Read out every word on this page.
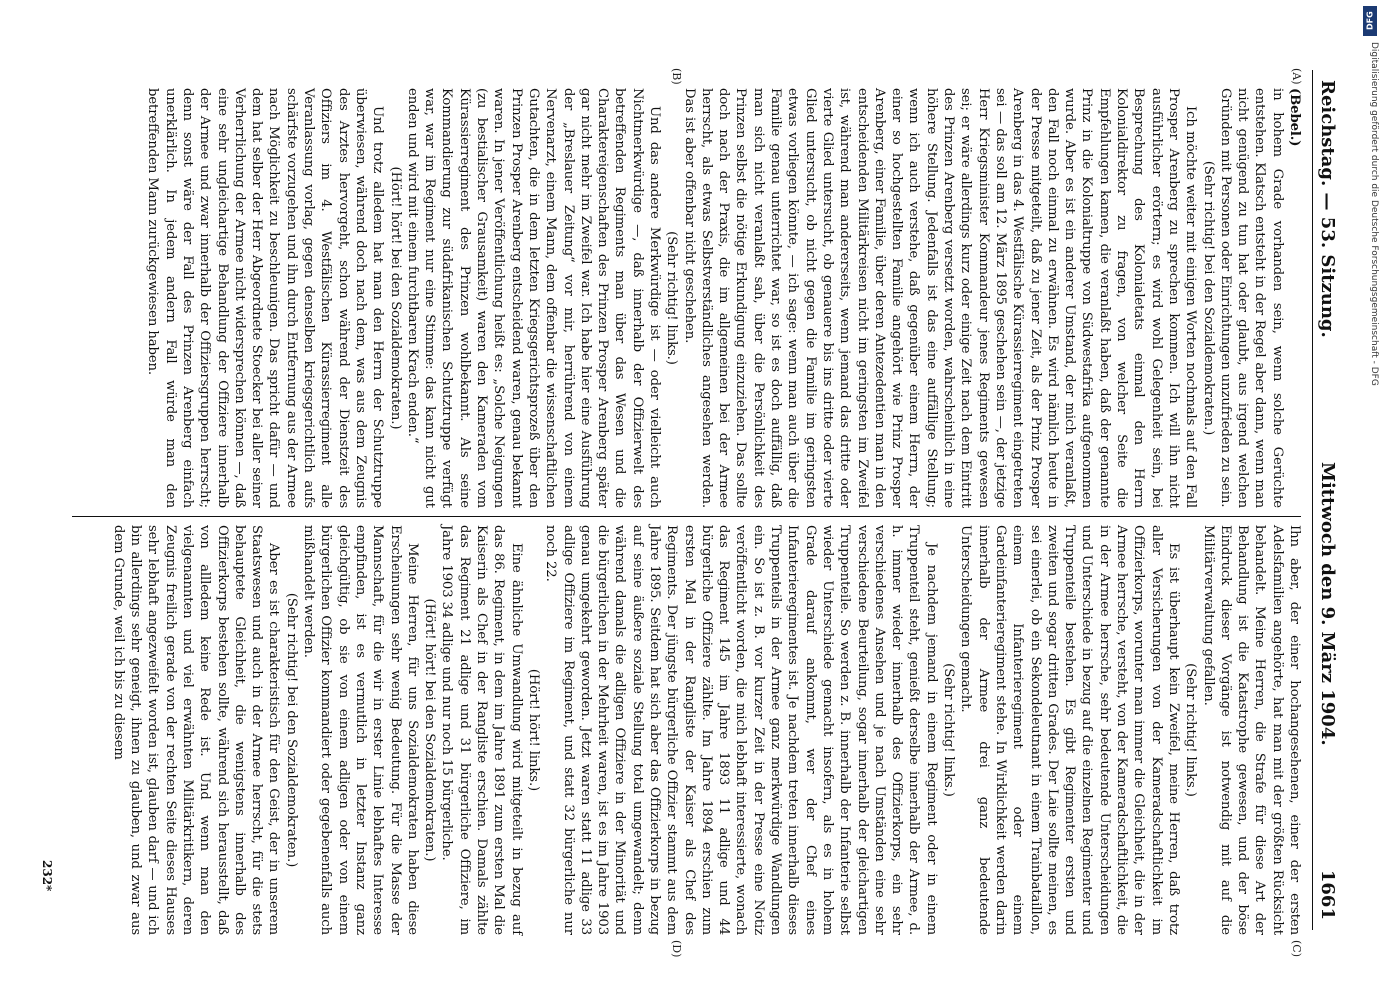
Reichstag. — 53. Sitzung.
Mittwoch den 9. März 1904.
1661
(A)
(B)
(C)
(D)

(Bebel.)

in hohem Grade vorhanden sein, wenn solche Gerüchte entstehen. Klatsch entsteht in der Regel aber dann, wenn man nicht genügend zu tun hat oder glaubt, aus irgend welchen Gründen mit Personen oder Einrichtungen unzufrieden zu sein.

(Sehr richtig! bei den Sozialdemokraten.)

Ich möchte weiter mit einigen Worten nochmals auf den Fall Prosper Arenberg zu sprechen kommen. Ich will ihn nicht ausführlicher erörtern; es wird wohl Gelegenheit sein, bei Besprechung des Kolonialetats einmal den Herrn Kolonialdirektor zu fragen, von welcher Seite die Empfehlungen kamen, die veranlaßt haben, daß der genannte Prinz in die Kolonialtruppe von Südwestafrika aufgenommen wurde. Aber es ist ein anderer Umstand, der mich veranlaßt, den Fall noch einmal zu erwähnen. Es wird nämlich heute in der Presse mitgeteilt, daß zu jener Zeit, als der Prinz Prosper Arenberg in das 4. Westfälische Kürassierregiment eingetreten sei — das soll am 12. März 1895 geschehen sein —, der jetzige Herr Kriegsminister Kommandeur jenes Regiments gewesen sei; er wäre allerdings kurz oder einige Zeit nach dem Eintritt des Prinzen Arenberg versetzt worden, wahrscheinlich in eine höhere Stellung. Jedenfalls ist das eine auffällige Stellung; wenn ich auch verstehe, daß gegenüber einem Herrn, der einer so hochgestellten Familie angehört wie Prinz Prosper Arenberg, einer Familie, über deren Antezedentien man in den entscheidenden Militärkreisen nicht im geringsten im Zweifel ist, während man andererseits, wenn jemand das dritte oder vierte Glied untersucht, ob genauere bis ins dritte oder vierte Glied untersucht, ob nicht gegen die Familie im geringsten etwas vorliegen könnte, — ich sage: wenn man auch über die Familie genau unterrichtet war, so ist es doch auffällig, daß man sich nicht veranlaßt sah, über die Persönlichkeit des Prinzen selbst die nötige Erkundigung einzuziehen. Das sollte doch nach der Praxis, die im allgemeinen bei der Armee herrscht, als etwas Selbstverständliches angesehen werden. Das ist aber offenbar nicht geschehen.

(Sehr richtig! links.)

Und das andere Merkwürdige ist — oder vielleicht auch Nichtmerkwürdige —, daß innerhalb der Offizierwelt des betreffenden Regiments man über das Wesen und die Charaktereigenschaften des Prinzen Prosper Arenberg später gar nicht mehr im Zweifel war. Ich habe hier eine Ausführung der „Breslauer Zeitung“ vor mir, herrührend von einem Nervenarzt, einem Mann, dem offenbar die wissenschaftlichen Gutachten, die in dem letzten Kriegsgerichtsprozeß über den Prinzen Prosper Arenberg entscheidend waren, genau bekannt waren. In jener Veröffentlichung heißt es: „Solche Neigungen (zu bestialischer Grausamkeit) waren den Kameraden vom Kürassierregiment des Prinzen wohlbekannt. Als seine Kommandierung zur südafrikanischen Schutztruppe verfügt war, war im Regiment nur eine Stimme: das kann nicht gut enden und wird mit einem furchtbaren Krach enden.“

(Hört! hört! bei den Sozialdemokraten.)

Und trotz alledem hat man den Herrn der Schutztruppe überwiesen, während doch nach dem, was aus dem Zeugnis des Arztes hervorgeht, schon während der Dienstzeit des Offiziers im 4. Westfälischen Kürassierregiment alle Veranlassung vorlag, gegen denselben kriegsgerichtlich aufs schärfste vorzugehen und ihn durch Entfernung aus der Armee nach Möglichkeit zu beschleunigen. Das spricht dafür — und dem hat selber der Herr Abgeordnete Stoecker bei aller seiner Verherrlichung der Armee nicht widersprechen können —, daß eine sehr ungleichartige Behandlung der Offiziere innerhalb der Armee und zwar innerhalb der Offiziersgruppen herrscht; denn sonst wäre der Fall des Prinzen Arenberg einfach unerklärlich. In jedem andern Fall würde man den betreffenden Mann zurückgewiesen haben.

Ihn aber, der einer hochangesehenen, einer der ersten Adelsfamilien angehörte, hat man mit der größten Rücksicht behandelt. Meine Herren, die Strafe für diese Art der Behandlung ist die Katastrophe gewesen, und der böse Eindruck dieser Vorgänge ist notwendig mit auf die Militärverwaltung gefallen.

(Sehr richtig! links.)

Es ist überhaupt kein Zweifel, meine Herren, daß trotz aller Versicherungen von der Kameradschaftlichkeit im Offizierkorps, worunter man immer die Gleichheit, die in der Armee herrsche, versteht, von der Kameradschaftlichkeit, die in der Armee herrsche, sehr bedeutende Unterscheidungen und Unterschiede in bezug auf die einzelnen Regimenter und Truppenteile bestehen. Es gibt Regimenter ersten und zweiten und sogar dritten Grades. Der Laie sollte meinen, es sei einerlei, ob ein Sekondeleutnant in einem Trainbataillon, einem Infanterieregiment oder einem Gardeinfanterieregiment stehe. In Wirklichkeit werden darin innerhalb der Armee drei ganz bedeutende Unterscheidungen gemacht.

(Sehr richtig! links.)

Je nachdem jemand in einem Regiment oder in einem Truppenteil steht, genießt derselbe innerhalb der Armee, d. h. immer wieder innerhalb des Offizierkorps, ein sehr verschiedenes Ansehen und je nach Umständen eine sehr verschiedene Beurteilung, sogar innerhalb der gleichartigen Truppenteile. So werden z. B. innerhalb der Infanterie selbst wieder Unterschiede gemacht insofern, als es in hohem Grade darauf ankommt, wer der Chef eines Infanterieregimentes ist. Je nachdem treten innerhalb dieses Truppenteils in der Armee ganz merkwürdige Wandlungen ein. So ist z. B. vor kurzer Zeit in der Presse eine Notiz veröffentlicht worden, die mich lebhaft interessierte, wonach das Regiment 145 im Jahre 1893 11 adlige und 44 bürgerliche Offiziere zählte. Im Jahre 1894 erschien zum ersten Mal in der Rangliste der Kaiser als Chef des Regiments. Der jüngste bürgerliche Offizier stammt aus dem Jahre 1895. Seitdem hat sich aber das Offizierkorps in bezug auf seine äußere soziale Stellung total umgewandelt; denn während damals die adligen Offiziere in der Minorität und die bürgerlichen in der Mehrheit waren, ist es im Jahre 1903 genau umgekehrt geworden. Jetzt waren statt 11 adlige 33 adlige Offiziere im Regiment, und statt 32 bürgerliche nur noch 22.

(Hört! hört! links.)

Eine ähnliche Umwandlung wird mitgeteilt in bezug auf das 86. Regiment, in dem im Jahre 1891 zum ersten Mal die Kaiserin als Chef in der Rangliste erschien. Damals zählte das Regiment 21 adlige und 31 bürgerliche Offiziere, im Jahre 1903 34 adlige und nur noch 15 bürgerliche.

(Hört! hört! bei den Sozialdemokraten.)

Meine Herren, für uns Sozialdemokraten haben diese Erscheinungen sehr wenig Bedeutung. Für die Masse der Mannschaft, für die wir in erster Linie lebhaftes Interesse empfinden, ist es vermutlich in letzter Instanz ganz gleichgültig, ob sie von einem adligen oder von einem bürgerlichen Offizier kommandiert oder gegebenenfalls auch mißhandelt werden.

(Sehr richtig! bei den Sozialdemokraten.)

Aber es ist charakteristisch für den Geist, der in unserem Staatswesen und auch in der Armee herrscht, für die stets behauptete Gleichheit, die wenigstens innerhalb des Offizierkorps bestehen sollte, während sich herausstellt, daß von allledem keine Rede ist. Und wenn man den vielgenannten und viel erwähnten Militärkritikern, deren Zeugnis freilich gerade von der rechten Seite dieses Hauses sehr lebhaft angezweifelt worden ist, glauben darf — und ich bin allerdings sehr geneigt, ihnen zu glauben, und zwar aus dem Grunde, weil ich bis zu diesem

232*
DFG
Digitalisierung gefördert durch die Deutsche Forschungsgemeinschaft - DFG
